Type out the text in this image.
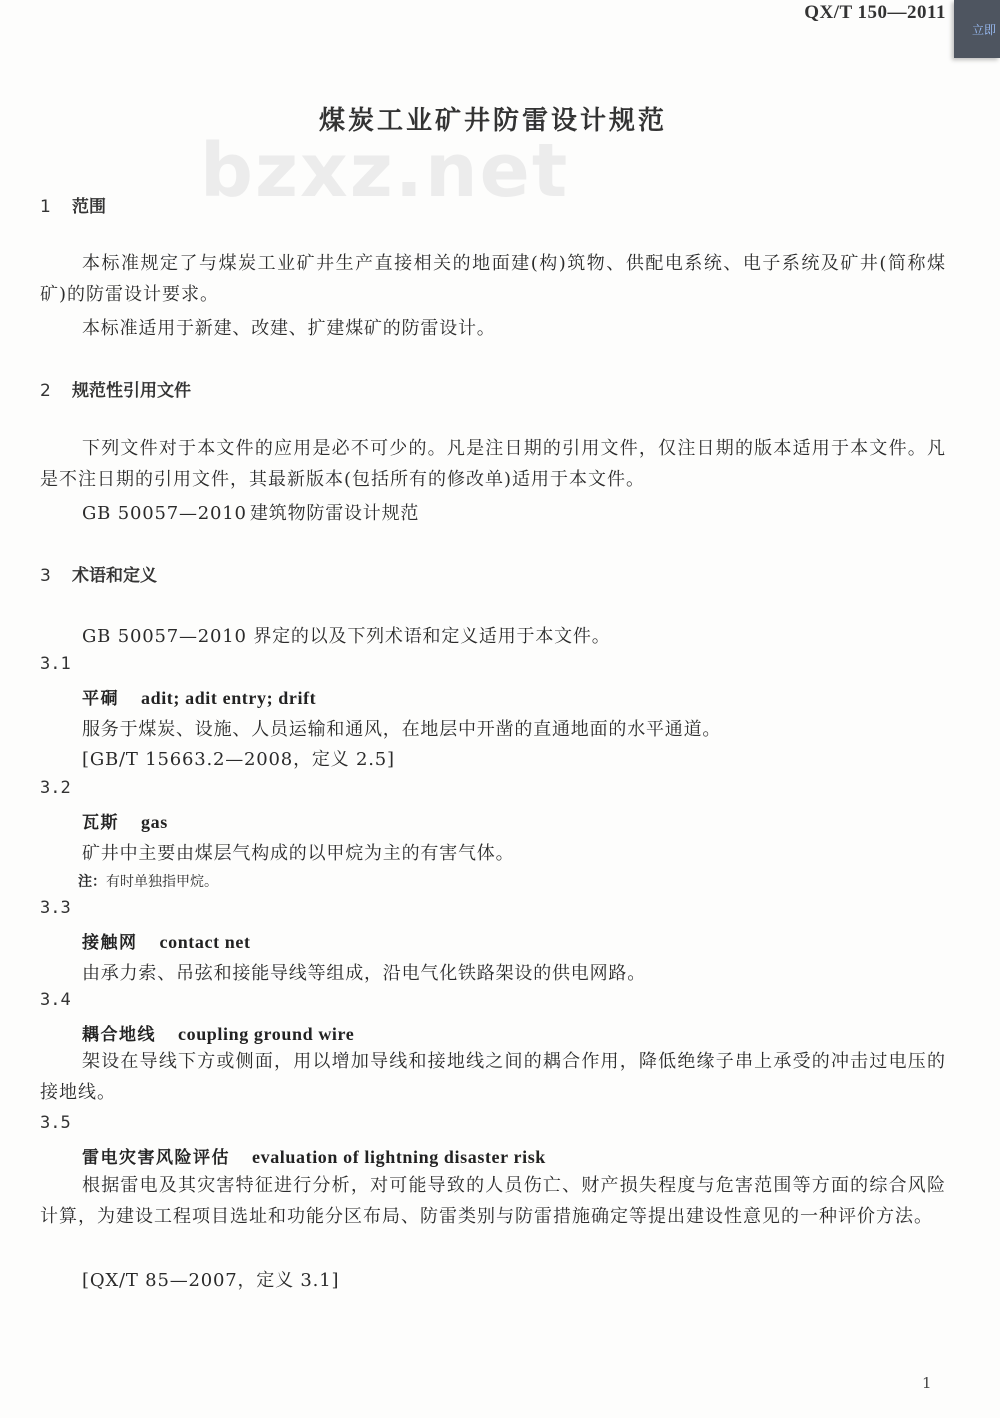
QX/T 150—2011
立即
煤炭工业矿井防雷设计规范
bzxz.net
1 范围
本标准规定了与煤炭工业矿井生产直接相关的地面建(构)筑物、供配电系统、电子系统及矿井(简称煤矿)的防雷设计要求。
本标准适用于新建、改建、扩建煤矿的防雷设计。
2 规范性引用文件
下列文件对于本文件的应用是必不可少的。凡是注日期的引用文件，仅注日期的版本适用于本文件。凡是不注日期的引用文件，其最新版本(包括所有的修改单)适用于本文件。
GB 50057—2010 建筑物防雷设计规范
3 术语和定义
GB 50057—2010 界定的以及下列术语和定义适用于本文件。
3.1
平硐 adit; adit entry; drift
服务于煤炭、设施、人员运输和通风，在地层中开凿的直通地面的水平通道。
[GB/T 15663.2—2008，定义 2.5]
3.2
瓦斯 gas
矿井中主要由煤层气构成的以甲烷为主的有害气体。
注：有时单独指甲烷。
3.3
接触网 contact net
由承力索、吊弦和接能导线等组成，沿电气化铁路架设的供电网路。
3.4
耦合地线 coupling ground wire
架设在导线下方或侧面，用以增加导线和接地线之间的耦合作用，降低绝缘子串上承受的冲击过电压的接地线。
3.5
雷电灾害风险评估 evaluation of lightning disaster risk
根据雷电及其灾害特征进行分析，对可能导致的人员伤亡、财产损失程度与危害范围等方面的综合风险计算，为建设工程项目选址和功能分区布局、防雷类别与防雷措施确定等提出建设性意见的一种评价方法。
[QX/T 85—2007，定义 3.1]
1
